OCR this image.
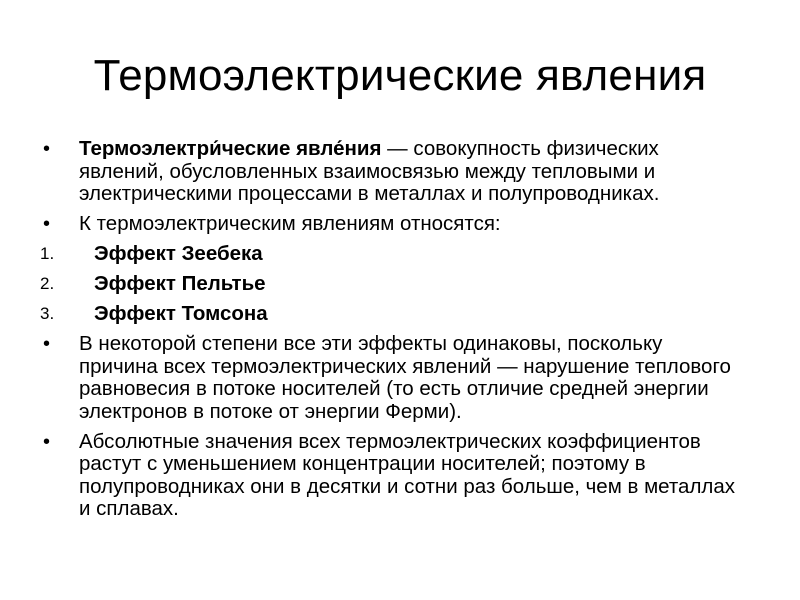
Термоэлектрические явления
•	Термоэлектри́ческие явле́ния — совокупность физических явлений, обусловленных взаимосвязью между тепловыми и электрическими процессами в металлах и полупроводниках.
•	К термоэлектрическим явлениям относятся:
1. Эффект Зеебека
2. Эффект Пельтье
3. Эффект Томсона
•	В некоторой степени все эти эффекты одинаковы, поскольку причина всех термоэлектрических явлений — нарушение теплового равновесия в потоке носителей (то есть отличие средней энергии электронов в потоке от энергии Ферми).
•	Абсолютные значения всех термоэлектрических коэффициентов растут с уменьшением концентрации носителей; поэтому в полупроводниках они в десятки и сотни раз больше, чем в металлах и сплавах.
